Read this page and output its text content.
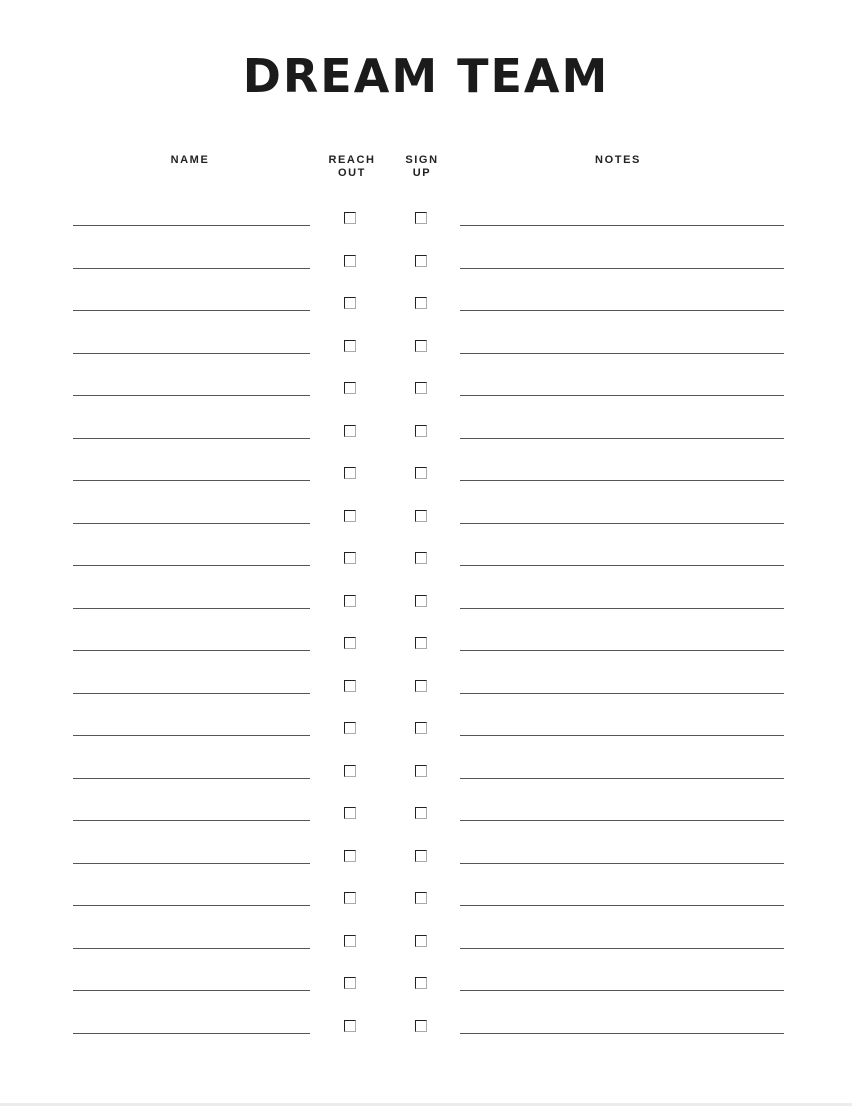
DREAM TEAM
NAME	REACH
OUT
SIGN
UP
NOTES
